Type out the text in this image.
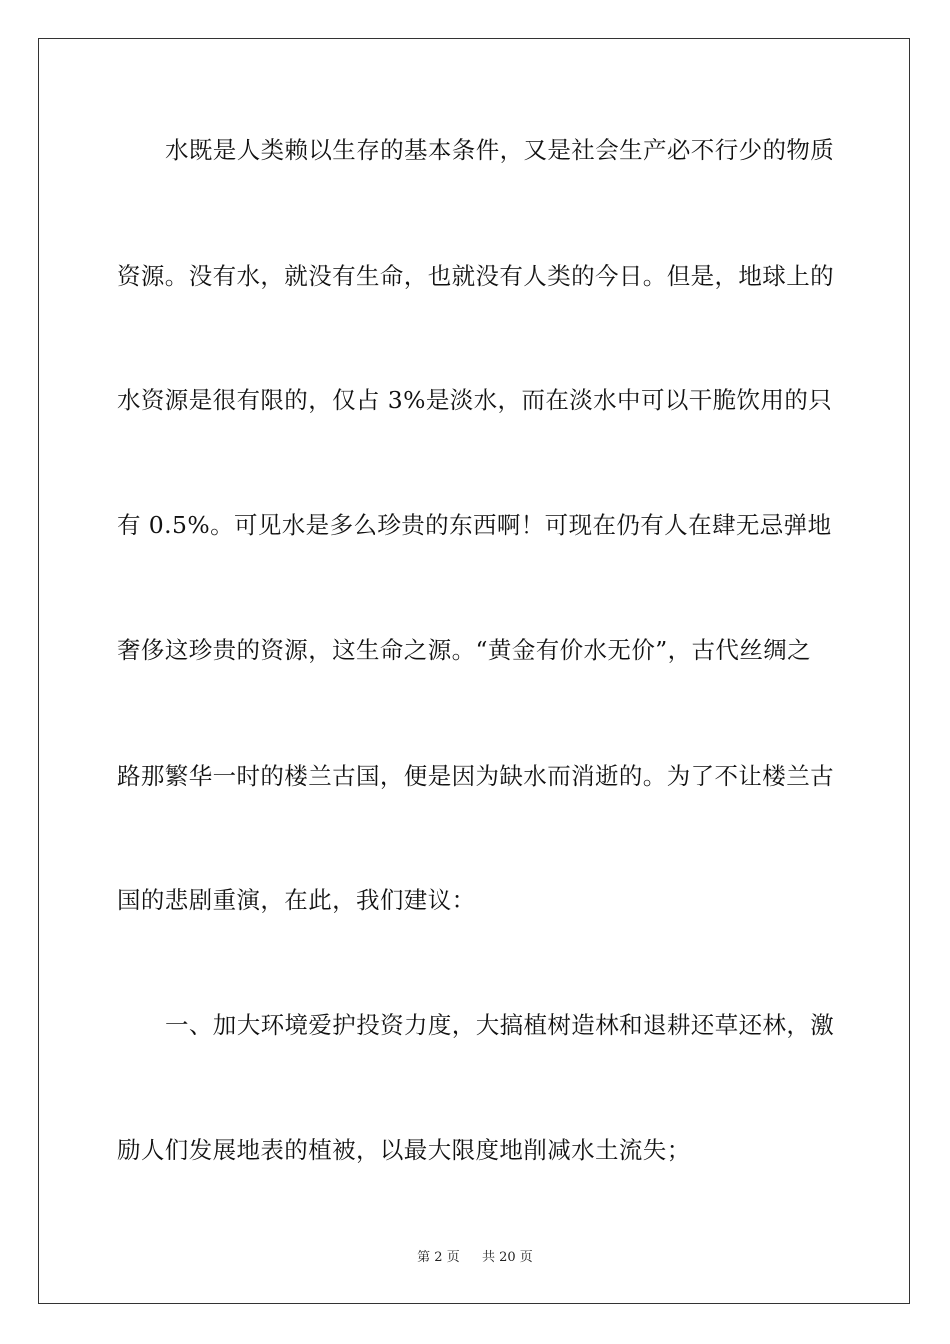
水既是人类赖以生存的基本条件，又是社会生产必不行少的物质
资源。没有水，就没有生命，也就没有人类的今日。但是，地球上的
水资源是很有限的，仅占 3%是淡水，而在淡水中可以干脆饮用的只
有 0.5%。可见水是多么珍贵的东西啊！可现在仍有人在肆无忌弹地
奢侈这珍贵的资源，这生命之源。“黄金有价水无价”，古代丝绸之
路那繁华一时的楼兰古国，便是因为缺水而消逝的。为了不让楼兰古
国的悲剧重演，在此，我们建议：
一、加大环境爱护投资力度，大搞植树造林和退耕还草还林，激
励人们发展地表的植被，以最大限度地削减水土流失；
第 2 页 共 20 页
